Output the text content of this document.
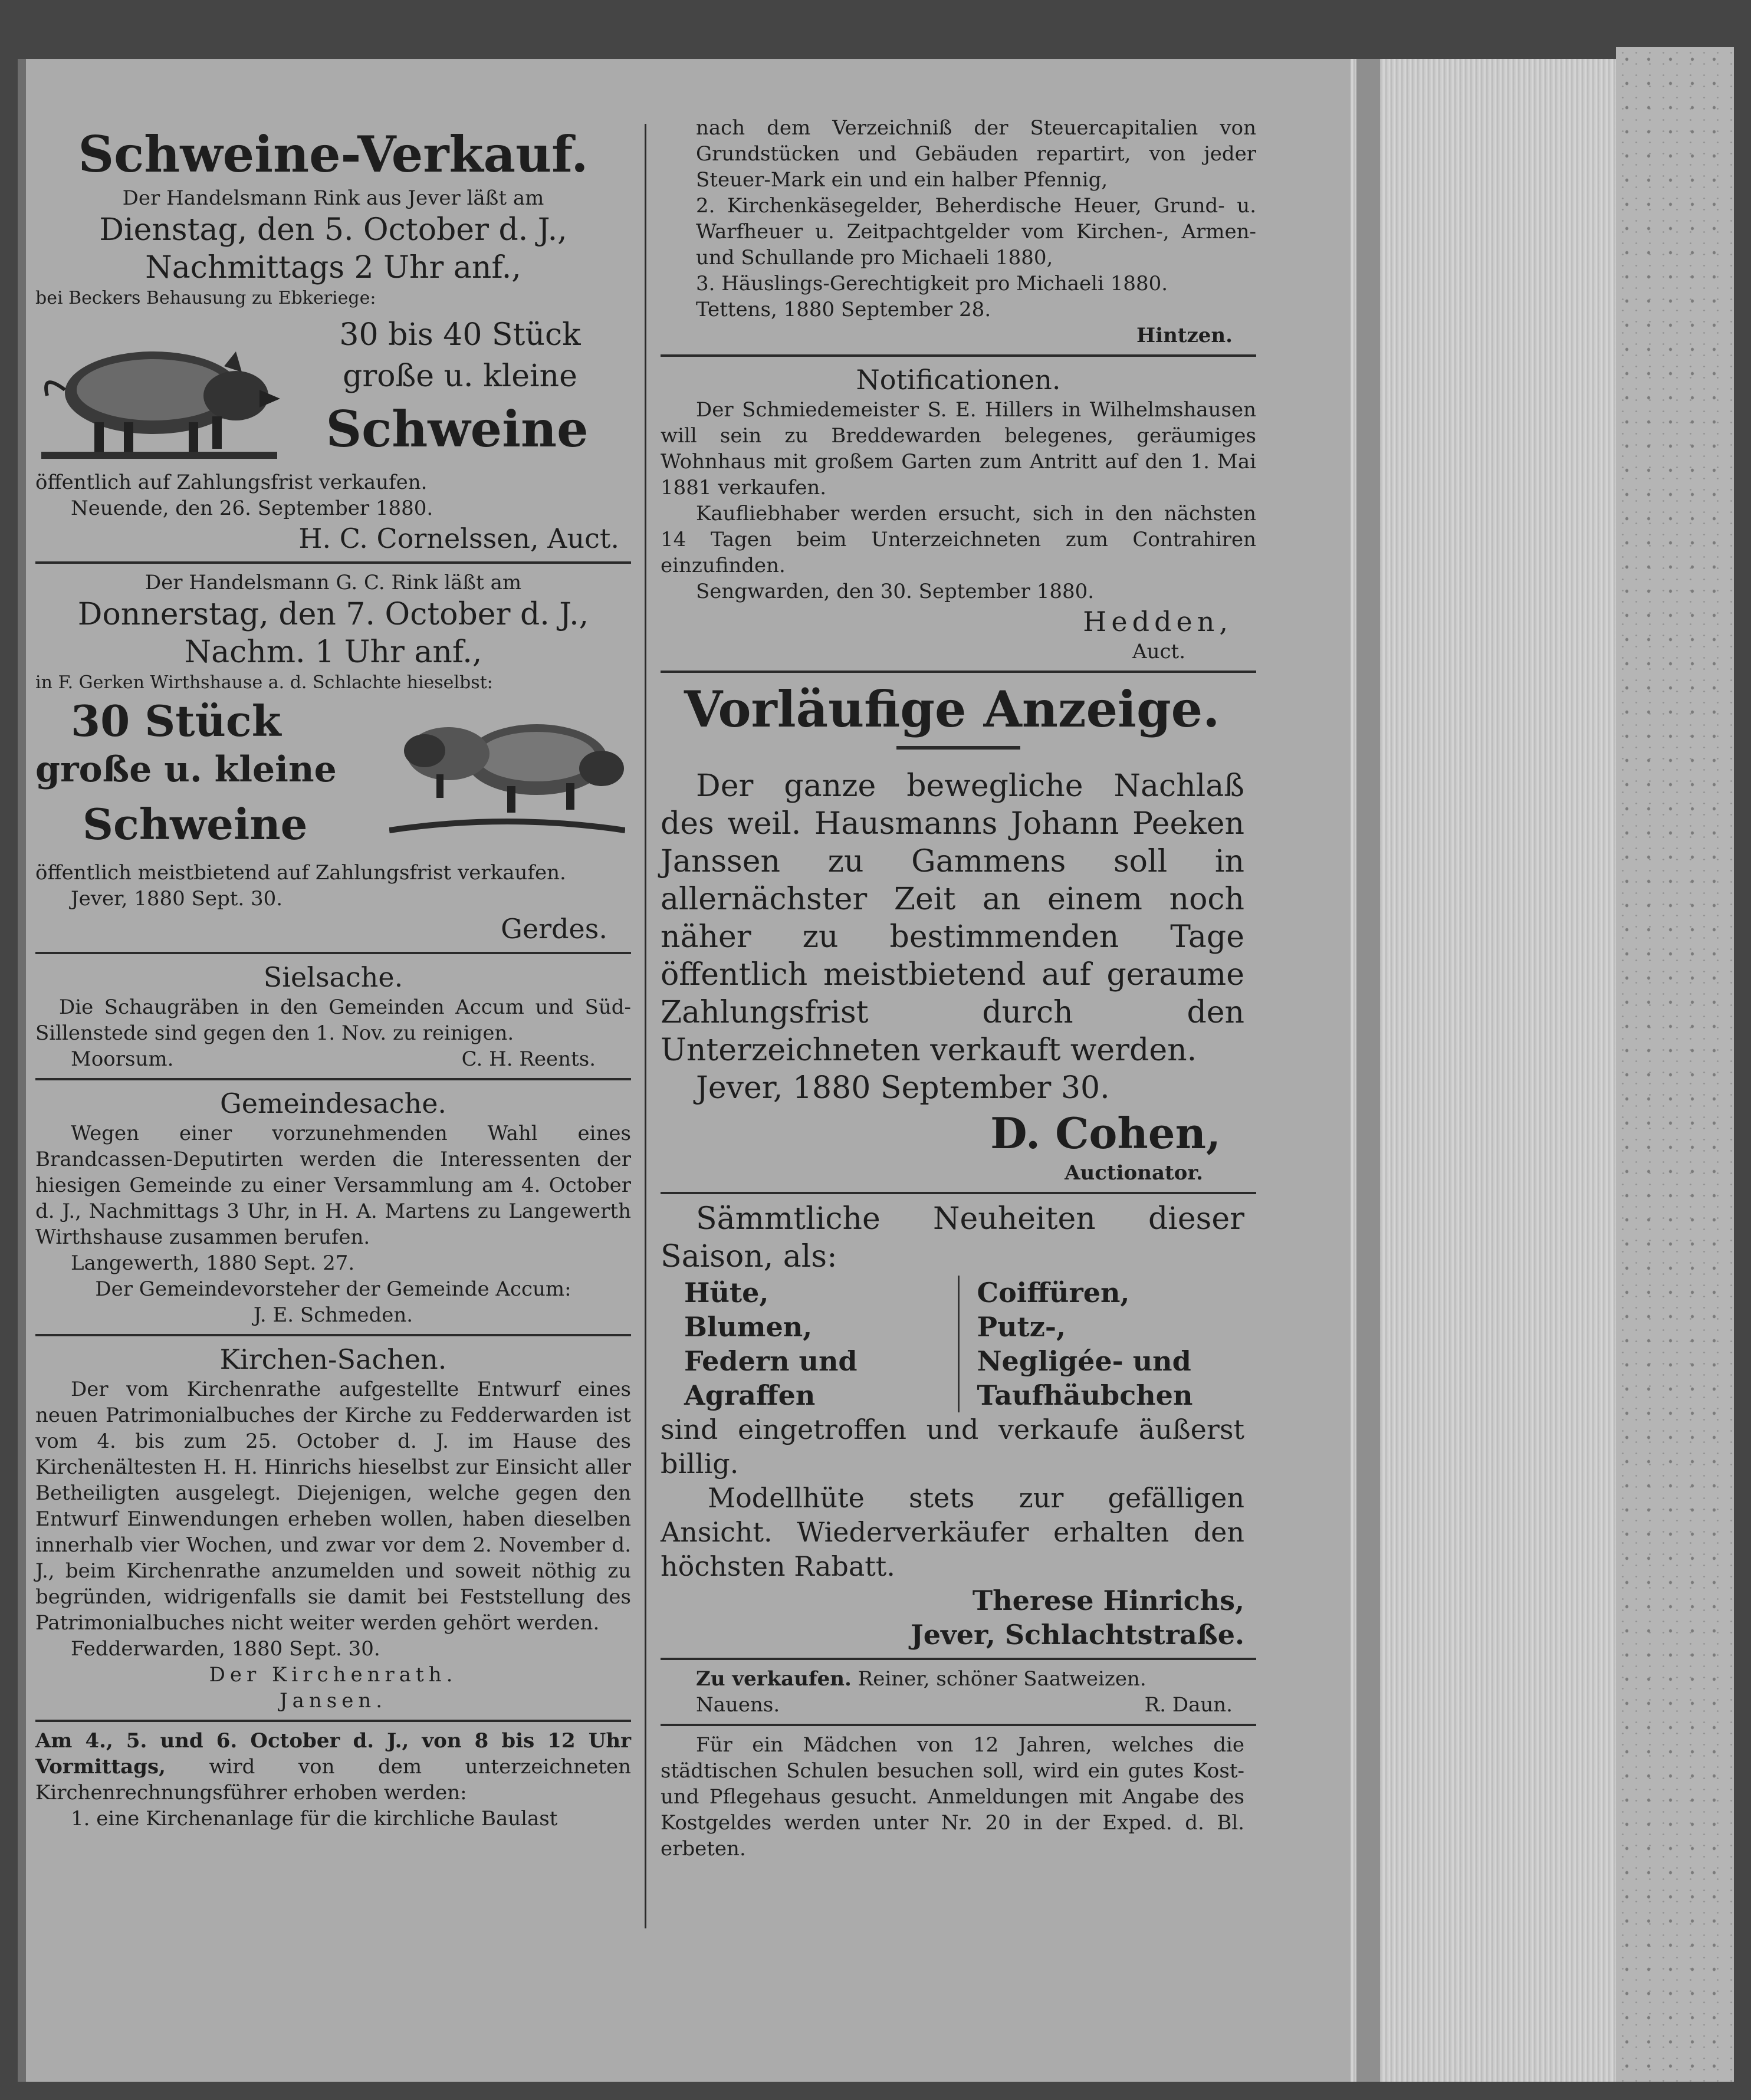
Schweine-Verkauf.

Der Handelsmann Rink aus Jever läßt am

Dienstag, den 5. October d. J.,

Nachmittags 2 Uhr anf.,

bei Beckers Behausung zu Ebkeriege:

30 bis 40 Stück

große u. kleine

Schweine

öffentlich auf Zahlungsfrist verkaufen.

Neuende, den 26. September 1880.

H. C. Cornelssen, Auct.

Der Handelsmann G. C. Rink läßt am

Donnerstag, den 7. October d. J.,

Nachm. 1 Uhr anf.,

in F. Gerken Wirthshause a. d. Schlachte hieselbst:

30 Stück

große u. kleine

Schweine

öffentlich meistbietend auf Zahlungsfrist verkaufen.

Jever, 1880 Sept. 30.

Gerdes.

Sielsache.

Die Schaugräben in den Gemeinden Accum und Süd-Sillenstede sind gegen den 1. Nov. zu reinigen.

Moorsum.	C. H. Reents.

Gemeindesache.

Wegen einer vorzunehmenden Wahl eines Brandcassen-Deputirten werden die Interessenten der hiesigen Gemeinde zu einer Versammlung am 4. October d. J., Nachmittags 3 Uhr, in H. A. Martens zu Langewerth Wirthshause zusammen berufen.

Langewerth, 1880 Sept. 27.

Der Gemeindevorsteher der Gemeinde Accum:

J. E. Schmeden.

Kirchen-Sachen.

Der vom Kirchenrathe aufgestellte Entwurf eines neuen Patrimonialbuches der Kirche zu Fedderwarden ist vom 4. bis zum 25. October d. J. im Hause des Kirchenältesten H. H. Hinrichs hieselbst zur Einsicht aller Betheiligten ausgelegt. Diejenigen, welche gegen den Entwurf Einwendungen erheben wollen, haben dieselben innerhalb vier Wochen, und zwar vor dem 2. November d. J., beim Kirchenrathe anzumelden und soweit nöthig zu begründen, widrigenfalls sie damit bei Feststellung des Patrimonialbuches nicht weiter werden gehört werden.

Fedderwarden, 1880 Sept. 30.

Der Kirchenrath.

Jansen.

Am 4., 5. und 6. October d. J., von 8 bis 12 Uhr Vormittags, wird von dem unterzeichneten Kirchenrechnungsführer erhoben werden:

1. eine Kirchenanlage für die kirchliche Baulast

nach dem Verzeichniß der Steuercapitalien von Grundstücken und Gebäuden repartirt, von jeder Steuer-Mark ein und ein halber Pfennig,

2. Kirchenkäsegelder, Beherdische Heuer, Grund- u. Warfheuer u. Zeitpachtgelder vom Kirchen-, Armen- und Schullande pro Michaeli 1880,

3. Häuslings-Gerechtigkeit pro Michaeli 1880.

Tettens, 1880 September 28.

Hintzen.

Notificationen.

Der Schmiedemeister S. E. Hillers in Wilhelmshausen will sein zu Breddewarden belegenes, geräumiges Wohnhaus mit großem Garten zum Antritt auf den 1. Mai 1881 verkaufen.

Kaufliebhaber werden ersucht, sich in den nächsten 14 Tagen beim Unterzeichneten zum Contrahiren einzufinden.

Sengwarden, den 30. September 1880.

Hedden,

Auct.

Vorläufige Anzeige.

Der ganze bewegliche Nachlaß des weil. Hausmanns Johann Peeken Janssen zu Gammens soll in allernächster Zeit an einem noch näher zu bestimmenden Tage öffentlich meistbietend auf geraume Zahlungsfrist durch den Unterzeichneten verkauft werden.

Jever, 1880 September 30.

D. Cohen,

Auctionator.

Sämmtliche Neuheiten dieser Saison, als:

Hüte,

Blumen,

Federn und

Agraffen

Coiffüren,

Putz-,

Negligée- und

Taufhäubchen

sind eingetroffen und verkaufe äußerst billig.

Modellhüte stets zur gefälligen Ansicht. Wiederverkäufer erhalten den höchsten Rabatt.

Therese Hinrichs,

Jever, Schlachtstraße.

Zu verkaufen. Reiner, schöner Saatweizen.

Nauens.	R. Daun.

Für ein Mädchen von 12 Jahren, welches die städtischen Schulen besuchen soll, wird ein gutes Kost- und Pflegehaus gesucht. Anmeldungen mit Angabe des Kostgeldes werden unter Nr. 20 in der Exped. d. Bl. erbeten.
